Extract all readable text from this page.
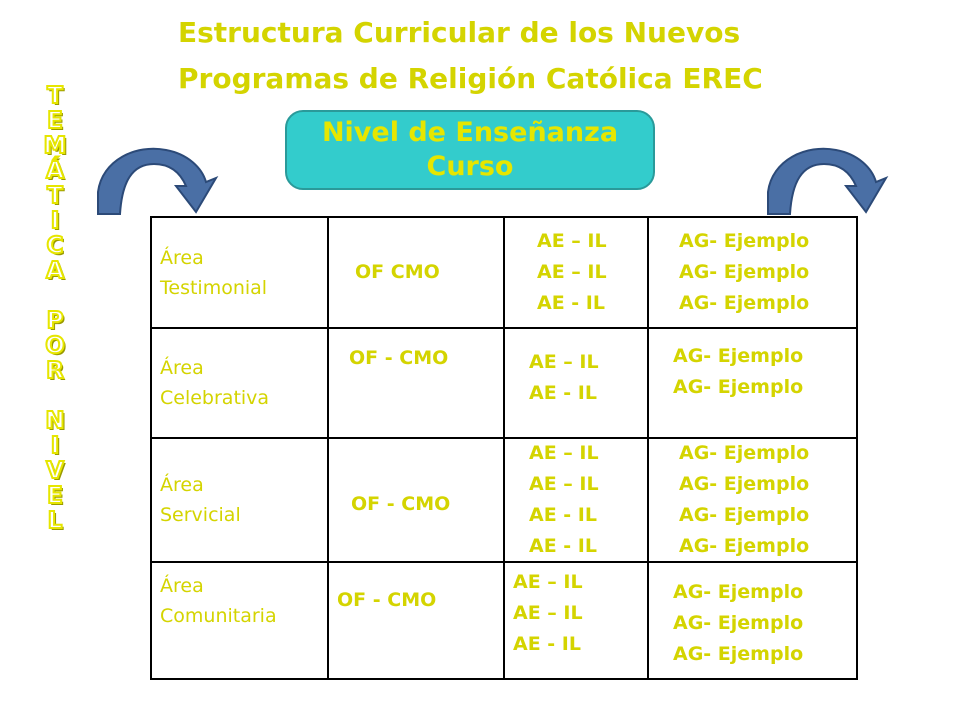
Estructura Curricular de los Nuevos
Programas de Religión Católica EREC
T
E
M
Á
T
I
C
A
P
O
R
N
I
V
E
L
Nivel de Enseñanza
Curso
Área
Testimonial
OF CMO
AE – IL
AE – IL
AE - IL
AG- Ejemplo
AG- Ejemplo
AG- Ejemplo
Área
Celebrativa
OF - CMO	AE – IL
AE - IL
AG- Ejemplo
AG- Ejemplo
Área
Servicial
OF - CMO
AE – IL
AE – IL
AE - IL
AE - IL
AG- Ejemplo
AG- Ejemplo
AG- Ejemplo
AG- Ejemplo
Área
Comunitaria
OF - CMO
AE – IL
AE – IL
AE - IL
AG- Ejemplo
AG- Ejemplo
AG- Ejemplo
